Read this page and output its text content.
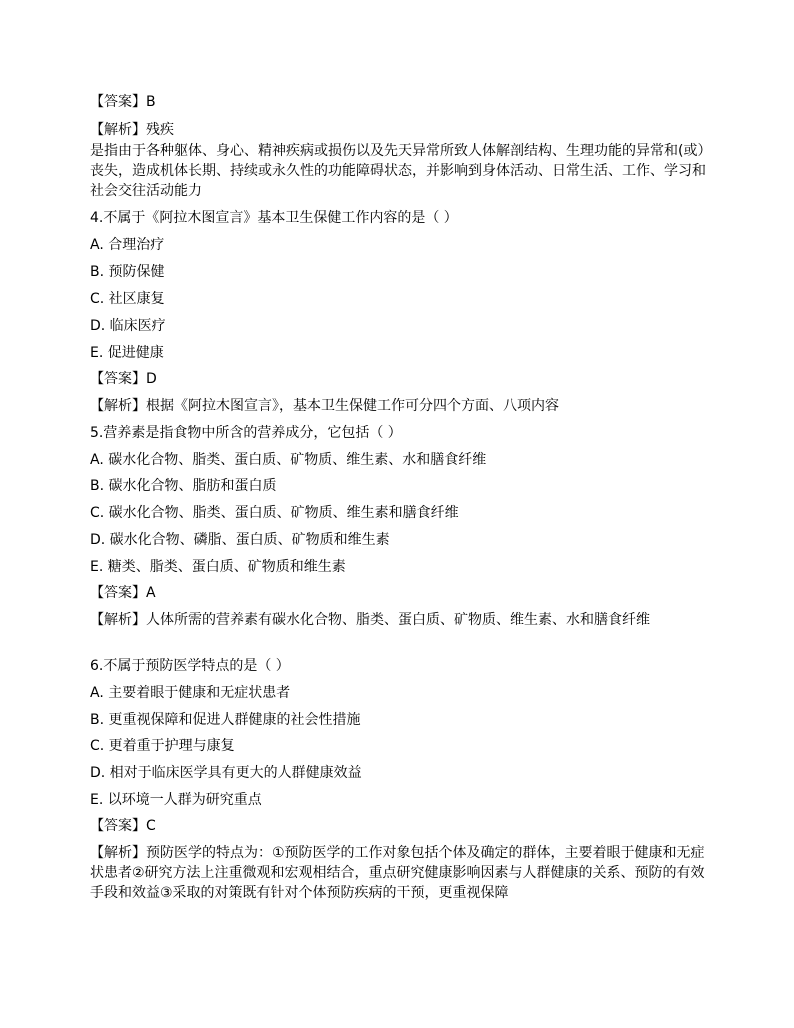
【答案】B
【解析】残疾
是指由于各种躯体、身心、精神疾病或损伤以及先天异常所致人体解剖结构、生理功能的异常和(或）丧失，造成机体长期、持续或永久性的功能障碍状态，并影响到身体活动、日常生活、工作、学习和社会交往活动能力
4.不属于《阿拉木图宣言》基本卫生保健工作内容的是（ ）
A. 合理治疗
B. 预防保健
C. 社区康复
D. 临床医疗
E. 促进健康
【答案】D
【解析】根据《阿拉木图宣言》，基本卫生保健工作可分四个方面、八项内容
5.营养素是指食物中所含的营养成分，它包括（ ）
A. 碳水化合物、脂类、蛋白质、矿物质、维生素、水和膳食纤维
B. 碳水化合物、脂肪和蛋白质
C. 碳水化合物、脂类、蛋白质、矿物质、维生素和膳食纤维
D. 碳水化合物、磷脂、蛋白质、矿物质和维生素
E. 糖类、脂类、蛋白质、矿物质和维生素
【答案】A
【解析】人体所需的营养素有碳水化合物、脂类、蛋白质、矿物质、维生素、水和膳食纤维
6.不属于预防医学特点的是（ ）
A. 主要着眼于健康和无症状患者
B. 更重视保障和促进人群健康的社会性措施
C. 更着重于护理与康复
D. 相对于临床医学具有更大的人群健康效益
E. 以环境一人群为研究重点
【答案】C
【解析】预防医学的特点为：①预防医学的工作对象包括个体及确定的群体，主要着眼于健康和无症状患者②研究方法上注重微观和宏观相结合，重点研究健康影响因素与人群健康的关系、预防的有效手段和效益③采取的对策既有针对个体预防疾病的干预，更重视保障
